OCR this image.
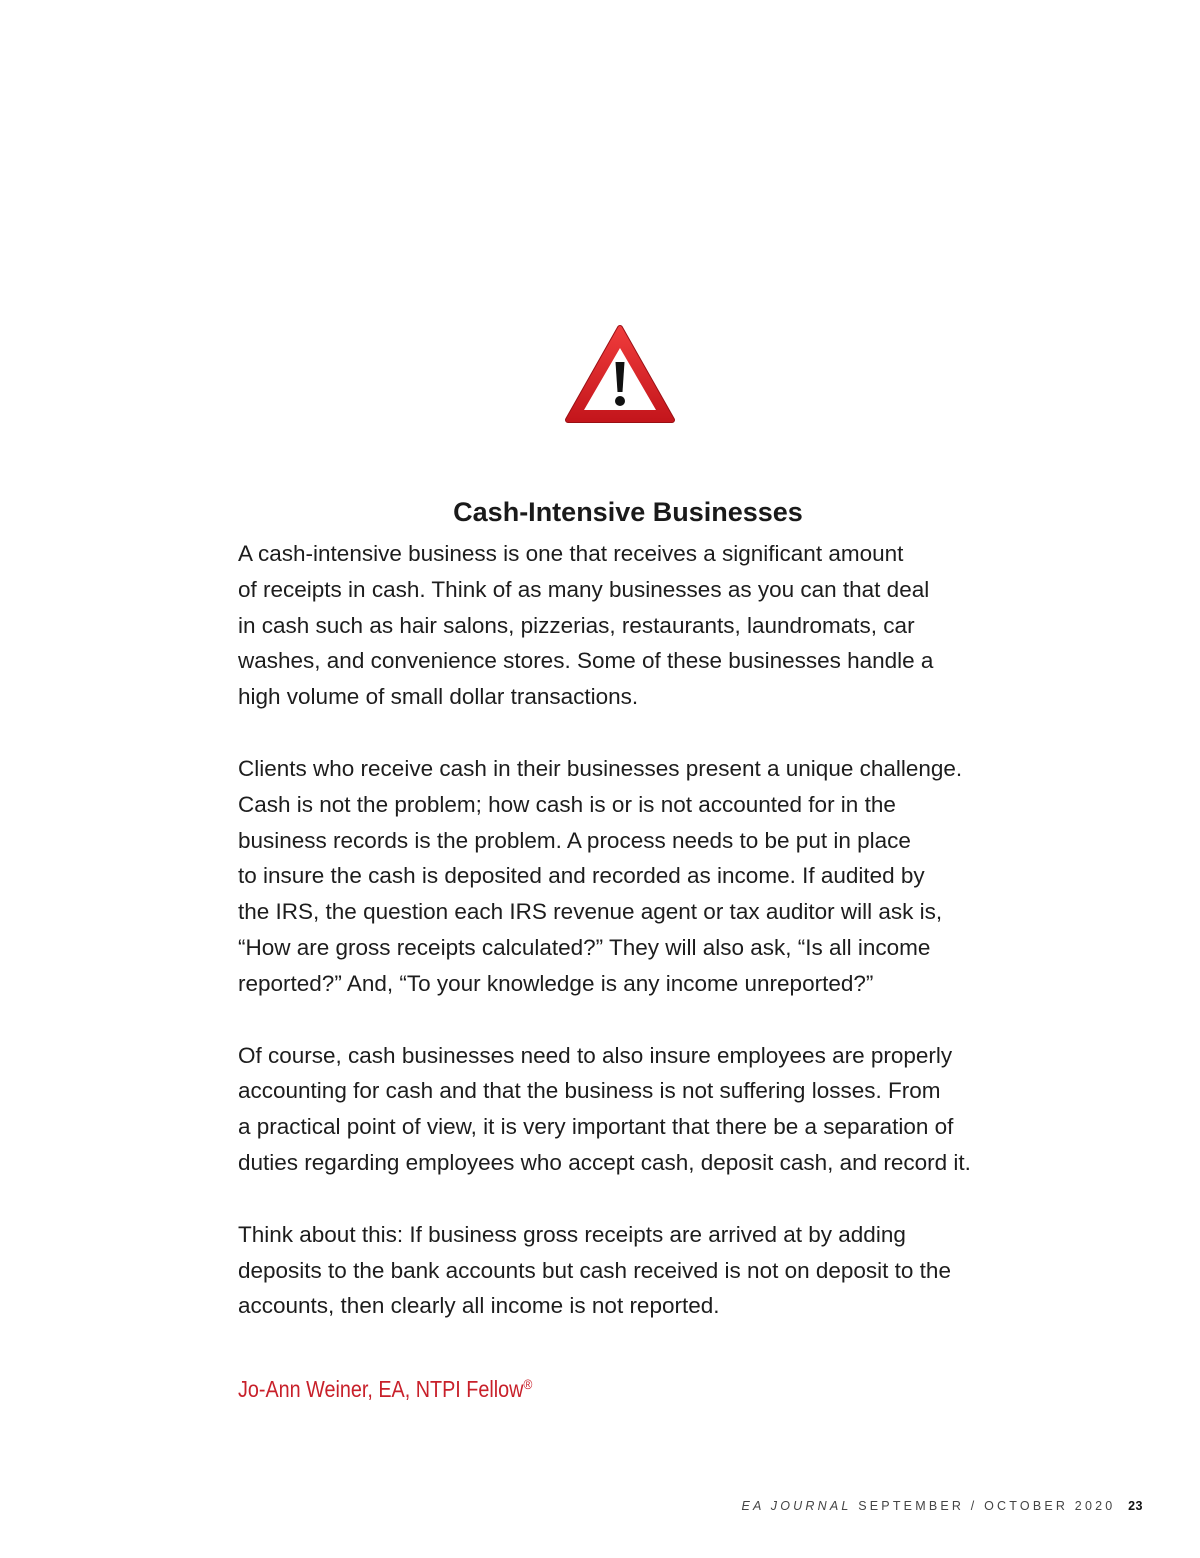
Cash-Intensive Businesses

A cash-intensive business is one that receives a significant amount
of receipts in cash. Think of as many businesses as you can that deal
in cash such as hair salons, pizzerias, restaurants, laundromats, car
washes, and convenience stores. Some of these businesses handle a
high volume of small dollar transactions.

Clients who receive cash in their businesses present a unique challenge.
Cash is not the problem; how cash is or is not accounted for in the
business records is the problem. A process needs to be put in place
to insure the cash is deposited and recorded as income. If audited by
the IRS, the question each IRS revenue agent or tax auditor will ask is,
“How are gross receipts calculated?” They will also ask, “Is all income
reported?” And, “To your knowledge is any income unreported?”

Of course, cash businesses need to also insure employees are properly
accounting for cash and that the business is not suffering losses. From
a practical point of view, it is very important that there be a separation of
duties regarding employees who accept cash, deposit cash, and record it.

Think about this: If business gross receipts are arrived at by adding
deposits to the bank accounts but cash received is not on deposit to the
accounts, then clearly all income is not reported.

Jo-Ann Weiner, EA, NTPI Fellow®
EA JOURNAL SEPTEMBER / OCTOBER 2020 23
